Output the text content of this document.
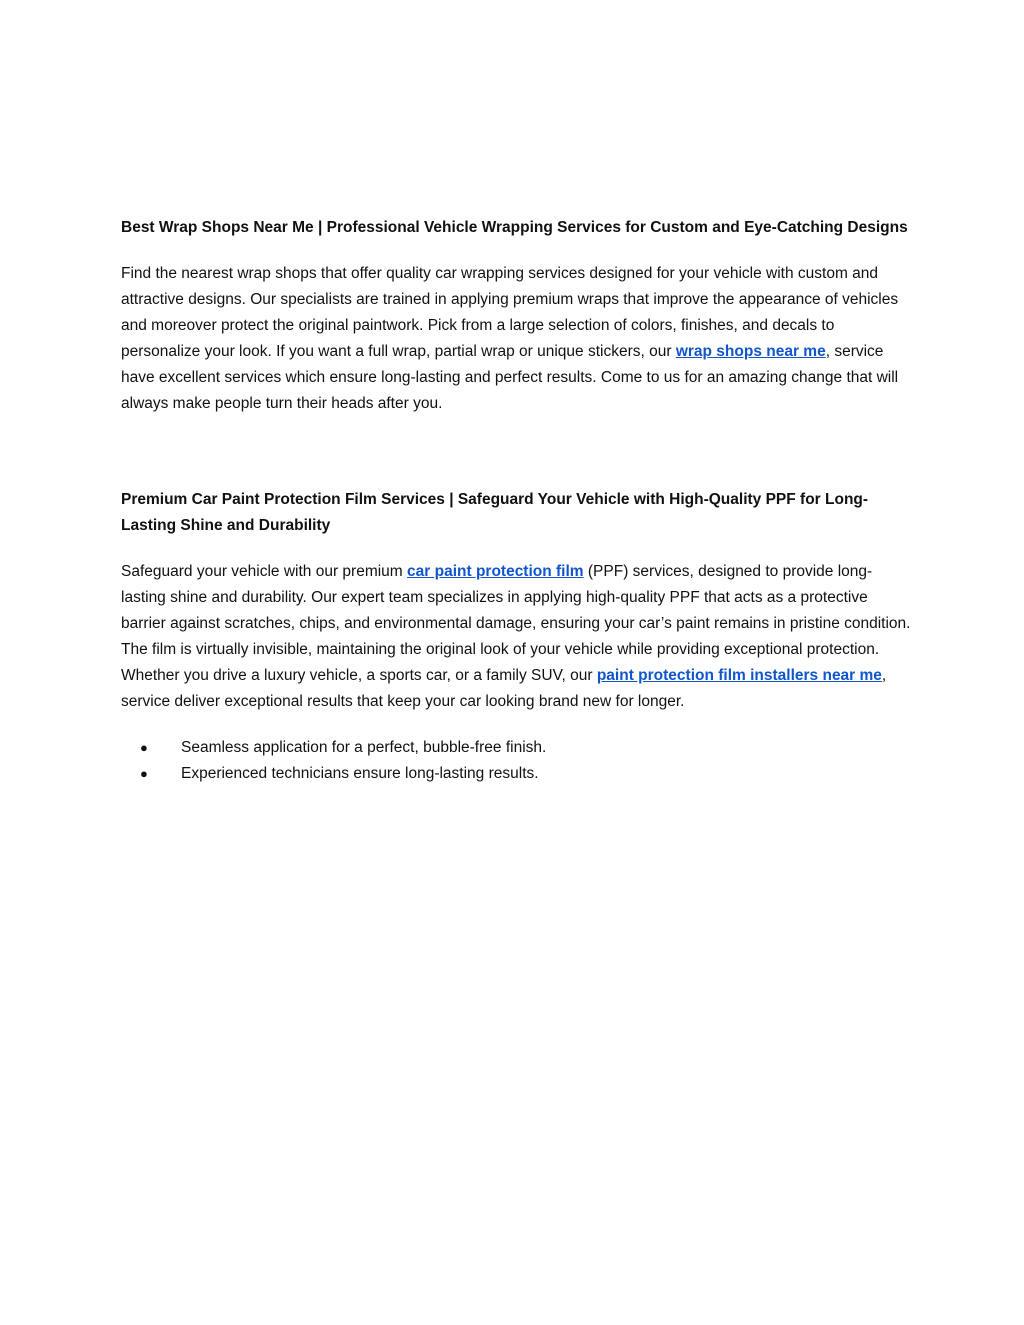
Best Wrap Shops Near Me | Professional Vehicle Wrapping Services for Custom and Eye-Catching Designs

Find the nearest wrap shops that offer quality car wrapping services designed for your vehicle with custom and attractive designs. Our specialists are trained in applying premium wraps that improve the appearance of vehicles and moreover protect the original paintwork. Pick from a large selection of colors, finishes, and decals to personalize your look. If you want a full wrap, partial wrap or unique stickers, our wrap shops near me, service have excellent services which ensure long-lasting and perfect results. Come to us for an amazing change that will always make people turn their heads after you.

Premium Car Paint Protection Film Services | Safeguard Your Vehicle with High-Quality PPF for Long-Lasting Shine and Durability

Safeguard your vehicle with our premium car paint protection film (PPF) services, designed to provide long-lasting shine and durability. Our expert team specializes in applying high-quality PPF that acts as a protective barrier against scratches, chips, and environmental damage, ensuring your car’s paint remains in pristine condition. The film is virtually invisible, maintaining the original look of your vehicle while providing exceptional protection. Whether you drive a luxury vehicle, a sports car, or a family SUV, our paint protection film installers near me, service deliver exceptional results that keep your car looking brand new for longer.

● Seamless application for a perfect, bubble-free finish.
● Experienced technicians ensure long-lasting results.
